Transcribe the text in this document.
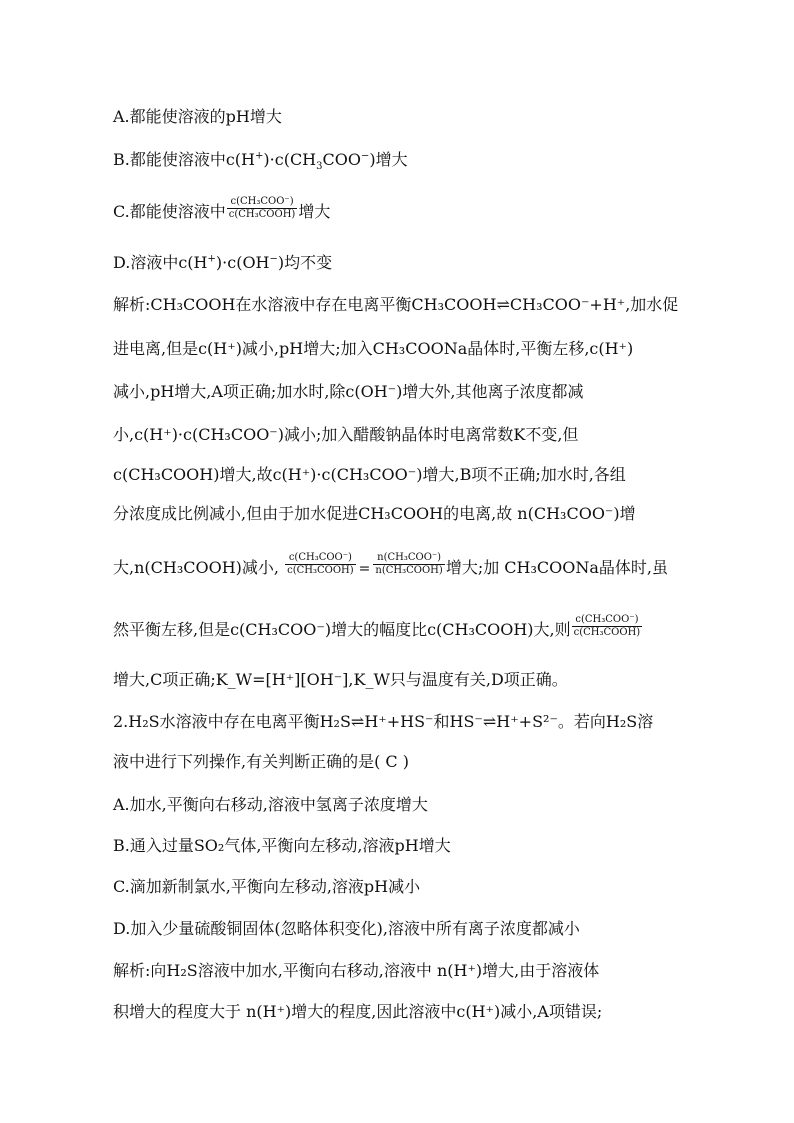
A.都能使溶液的pH增大
B.都能使溶液中$c(H^+)\cdot c(CH_3COO^-)$增大
C.都能使溶液中 $\frac{\text{c(CH₃COO⁻)}}{\text{c(CH₃COOH)}}$ 增大
D.溶液中c(H+)·c(OH−)均不变
解析:CH₃COOH在水溶液中存在电离平衡CH₃COOH⇌CH₃COO⁻+H⁺,加水促
进电离,但是c(H⁺)减小,pH增大;加入CH₃COONa晶体时,平衡左移,c(H⁺)
减小,pH增大,A项正确;加水时,除c(OH⁻)增大外,其他离子浓度都减
小,c(H⁺)·c(CH₃COO⁻)减小;加入醋酸钠晶体时电离常数K不变,但
c(CH₃COOH)增大,故c(H⁺)·c(CH₃COO⁻)增大,B项不正确;加水时,各组
分浓度成比例减小,但由于加水促进CH₃COOH的电离,故 n(CH₃COO⁻)增
大,n(CH₃COOH)减小, $\frac{\text{c(CH₃COO⁻)}}{\text{c(CH₃COOH)}} = \frac{\text{n(CH₃COO⁻)}}{\text{n(CH₃COOH)}}$ 增大;加 CH₃COONa晶体时,虽
然平衡左移,但是c(CH₃COO⁻)增大的幅度比c(CH₃COOH)大,则 $\frac{\text{c(CH₃COO⁻)}}{\text{c(CH₃COOH)}}$
增大,C项正确;K_W=[H⁺][OH⁻],K_W只与温度有关,D项正确。
2.H₂S水溶液中存在电离平衡H₂S⇌H⁺+HS⁻和HS⁻⇌H⁺+S²⁻。若向H₂S溶
液中进行下列操作,有关判断正确的是( C )
A.加水,平衡向右移动,溶液中氢离子浓度增大
B.通入过量SO₂气体,平衡向左移动,溶液pH增大
C.滴加新制氯水,平衡向左移动,溶液pH减小
D.加入少量硫酸铜固体(忽略体积变化),溶液中所有离子浓度都减小
解析:向H₂S溶液中加水,平衡向右移动,溶液中 n(H⁺)增大,由于溶液体
积增大的程度大于 n(H⁺)增大的程度,因此溶液中c(H⁺)减小,A项错误;
